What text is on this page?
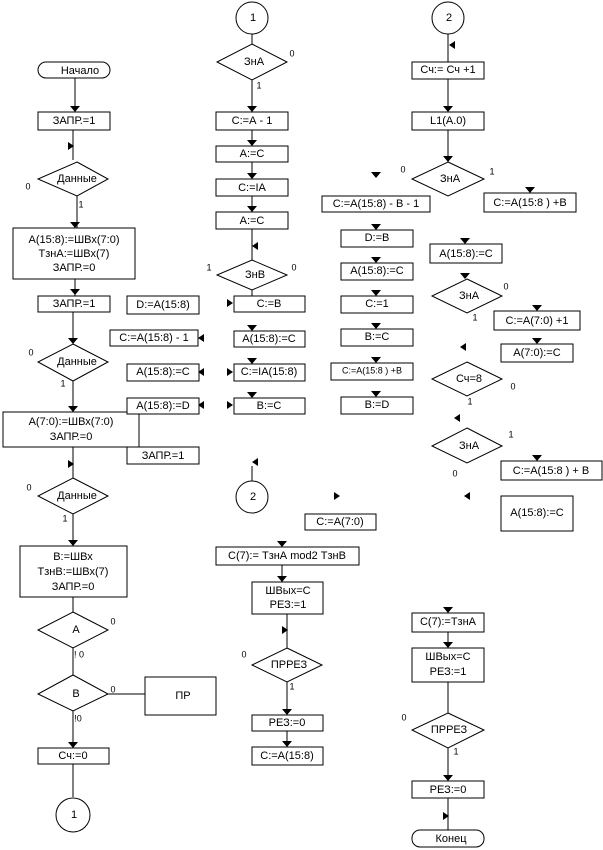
Начало
ЗАПР.=1
Данные
А(15:8):=ШВх(7:0)
ТзнА:=ШВх(7)
ЗАПР.=0
ЗАПР.=1
Данные
А(7:0):=ШВх(7:0)
ЗАПР.=0
Данные
В:=ШВх
ТзнВ:=ШВх(7)
ЗАПР.=0
А
В	ПР
! 0
!0
Сч:=0
1
1
ЗнА
С:=А - 1
А:=С
С:=IА
А:=С
ЗнВ
С:=В
А(15:8):=С
С:=IА(15:8)
В:=С
D:=А(15:8)
С:=А(15:8) - 1
А(15:8):=С
А(15:8):=D
ЗАПР.=1
2
С:=А(7:0)
С(7):= ТзнА mod2 ТзнВ
ШВых=С
РЕЗ:=1
ПРРЕЗ
РЕЗ:=0
С:=А(15:8)
С:=А(15:8) - В - 1
D:=В
А(15:8):=С
С:=1
В:=С
С:=А(15:8 ) +В
В:=D
2
Сч:= Сч +1
L1(А.0)
ЗнА
С:=А(15:8 ) +В
А(15:8):=С
ЗнА
С:=А(7:0) +1
А(7:0):=С
Сч=8
ЗнА
С:=А(15:8 ) + В
А(15:8):=С
С(7):=ТзнА
ШВых=С
РЕЗ:=1
ПРРЕЗ
РЕЗ:=0
Конец
0
1
0
1
0
1
0
0
0
1
1	0
0
1
0	1
0
1
0
1
1
0
0
1
